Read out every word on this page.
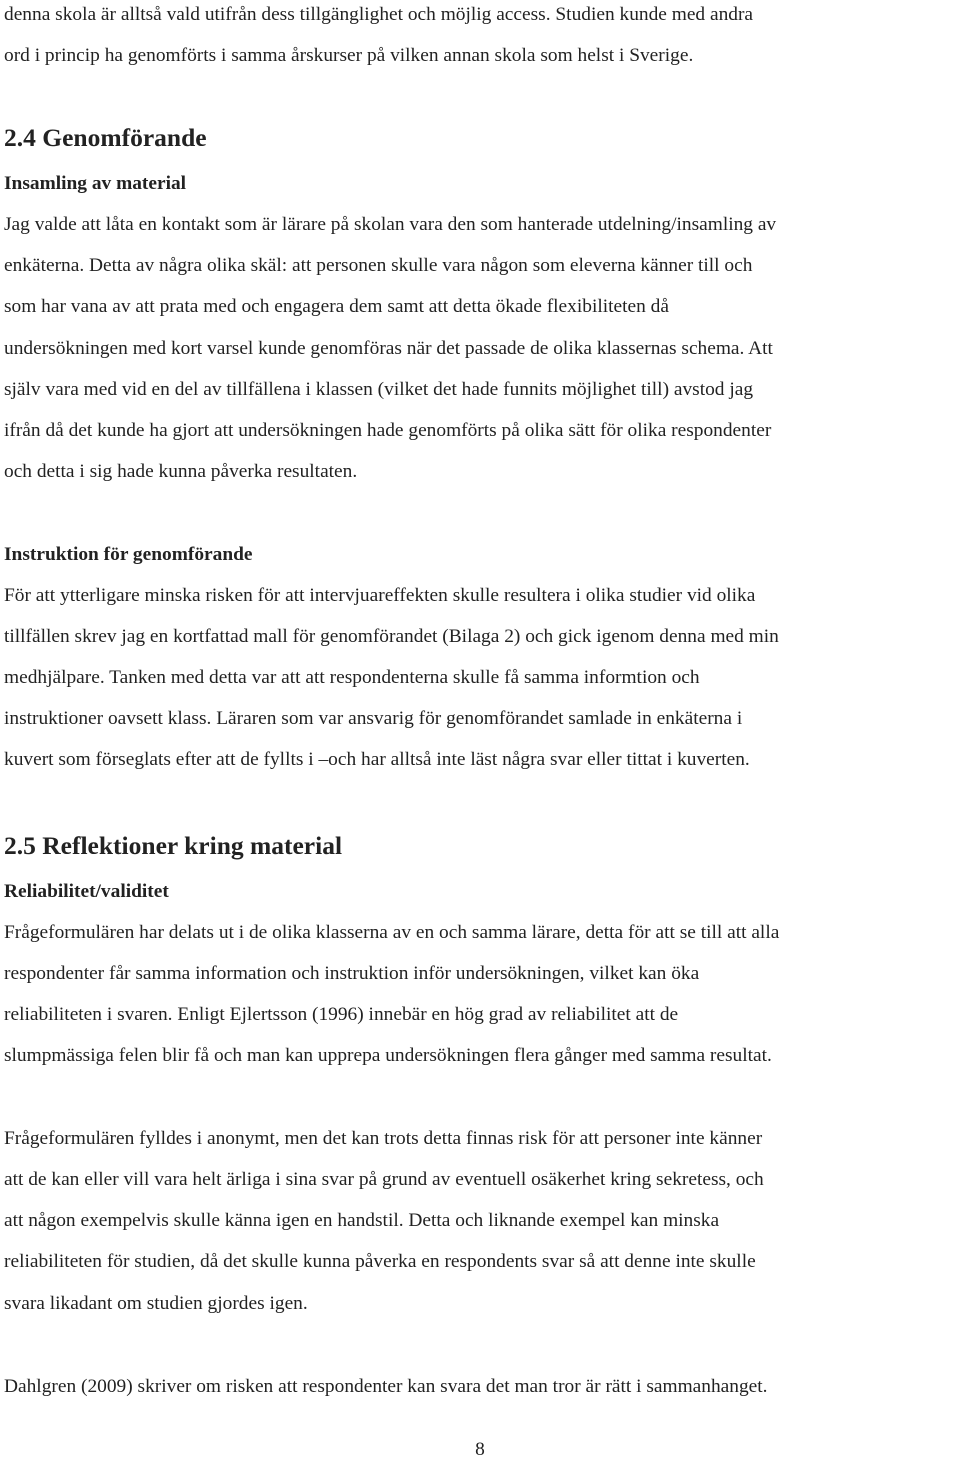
denna skola är alltså vald utifrån dess tillgänglighet och möjlig access. Studien kunde med andra
ord i princip ha genomförts i samma årskurser på vilken annan skola som helst i Sverige.
2.4 Genomförande
Insamling av material
Jag valde att låta en kontakt som är lärare på skolan vara den som hanterade utdelning/insamling av
enkäterna. Detta av några olika skäl: att personen skulle vara någon som eleverna känner till och
som har vana av att prata med och engagera dem samt att detta ökade flexibiliteten då
undersökningen med kort varsel kunde genomföras när det passade de olika klassernas schema. Att
själv vara med vid en del av tillfällena i klassen (vilket det hade funnits möjlighet till) avstod jag
ifrån då det kunde ha gjort att undersökningen hade genomförts på olika sätt för olika respondenter
och detta i sig hade kunna påverka resultaten.
Instruktion för genomförande
För att ytterligare minska risken för att intervjuareffekten skulle resultera i olika studier vid olika
tillfällen skrev jag en kortfattad mall för genomförandet (Bilaga 2) och gick igenom denna med min
medhjälpare. Tanken med detta var att att respondenterna skulle få samma informtion och
instruktioner oavsett klass. Läraren som var ansvarig för genomförandet samlade in enkäterna i
kuvert som förseglats efter att de fyllts i –och har alltså inte läst några svar eller tittat i kuverten.
2.5 Reflektioner kring material
Reliabilitet/validitet
Frågeformulären har delats ut i de olika klasserna av en och samma lärare, detta för att se till att alla
respondenter får samma information och instruktion inför undersökningen, vilket kan öka
reliabiliteten i svaren. Enligt Ejlertsson (1996) innebär en hög grad av reliabilitet att de
slumpmässiga felen blir få och man kan upprepa undersökningen flera gånger med samma resultat.
Frågeformulären fylldes i anonymt, men det kan trots detta finnas risk för att personer inte känner
att de kan eller vill vara helt ärliga i sina svar på grund av eventuell osäkerhet kring sekretess, och
att någon exempelvis skulle känna igen en handstil. Detta och liknande exempel kan minska
reliabiliteten för studien, då det skulle kunna påverka en respondents svar så att denne inte skulle
svara likadant om studien gjordes igen.
Dahlgren (2009) skriver om risken att respondenter kan svara det man tror är rätt i sammanhanget.
8
